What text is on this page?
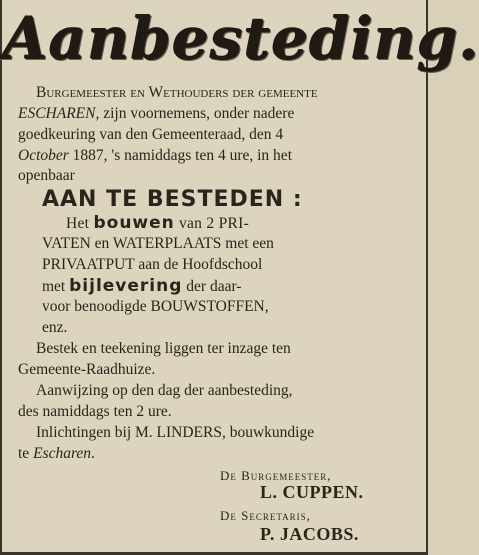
Aanbesteding.
Burgemeester en Wethouders der gemeente
ESCHAREN, zijn voornemens, onder nadere
goedkeuring van den Gemeenteraad, den 4
October 1887, 's namiddags ten 4 ure, in het
openbaar
AAN TE BESTEDEN :
Het bouwen van 2 PRI-
VATEN en WATERPLAATS met een
PRIVAATPUT aan de Hoofdschool
met bijlevering der daar-
voor benoodigde BOUWSTOFFEN,
enz.
Bestek en teekening liggen ter inzage ten
Gemeente-Raadhuize.
Aanwijzing op den dag der aanbesteding,
des namiddags ten 2 ure.
Inlichtingen bij M. LINDERS, bouwkundige
te Escharen.
De Burgemeester,
L. CUPPEN.
De Secretaris,
P. JACOBS.
